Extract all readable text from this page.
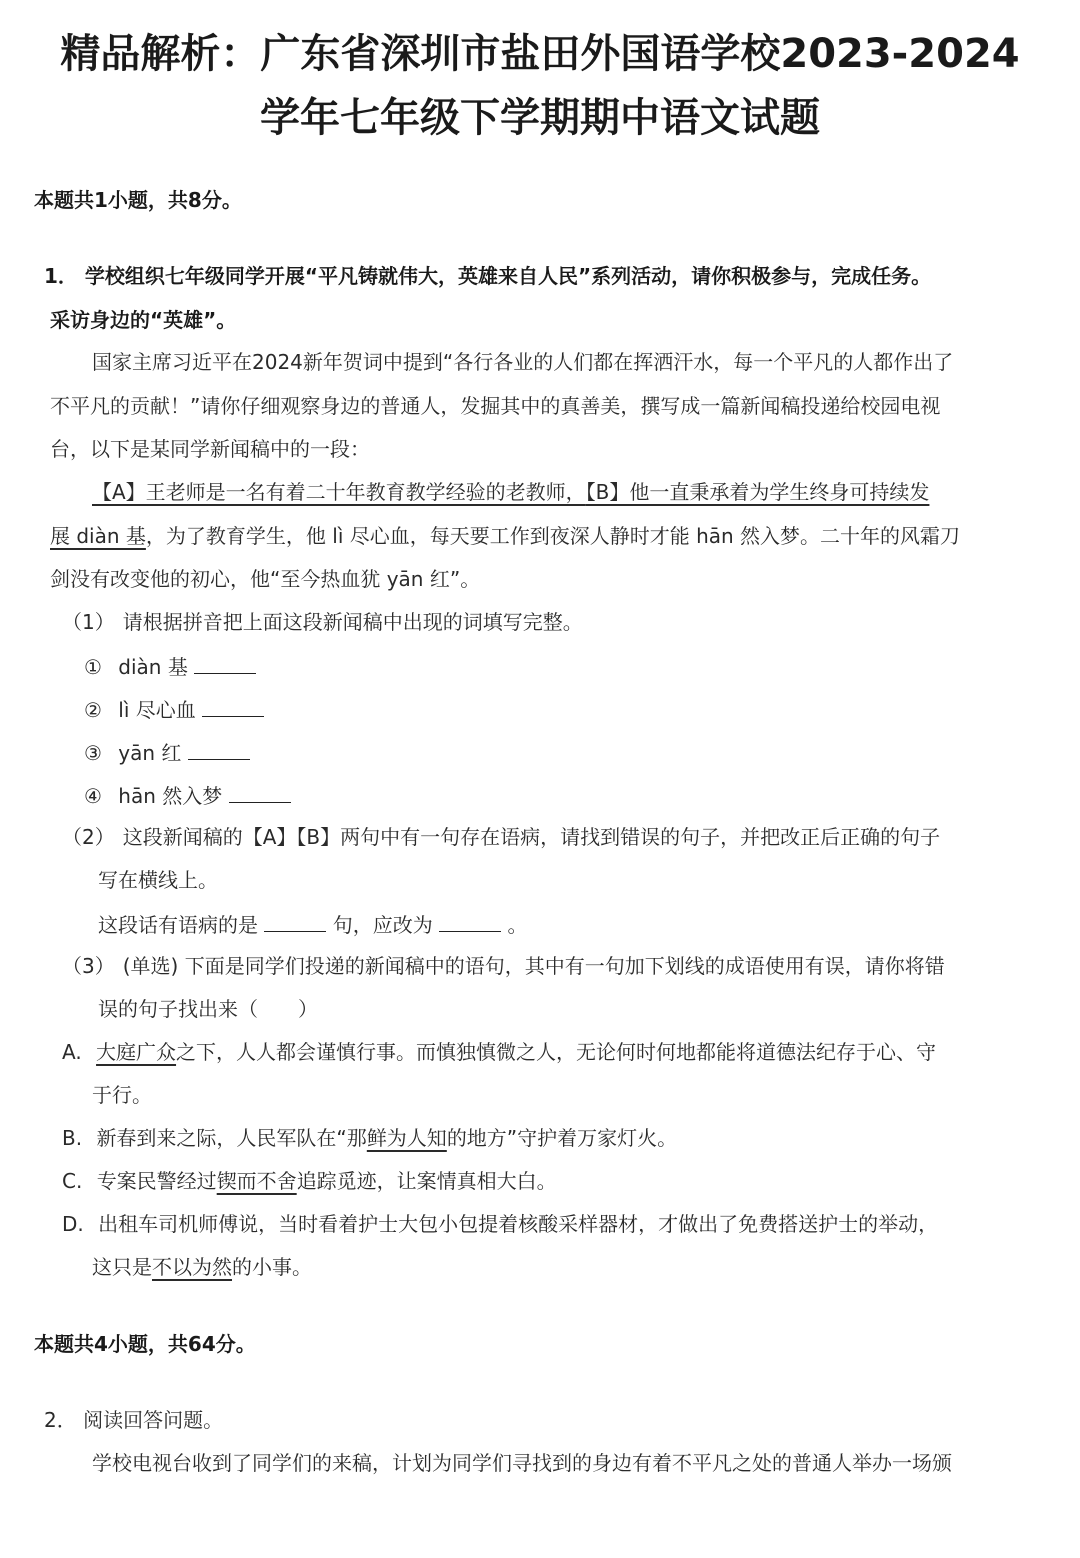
精品解析：广东省深圳市盐田外国语学校2023-2024
学年七年级下学期期中语文试题
本题共1小题，共8分。
1． 学校组织七年级同学开展“平凡铸就伟大，英雄来自人民”系列活动，请你积极参与，完成任务。
采访身边的“英雄”。
国家主席习近平在2024新年贺词中提到“各行各业的人们都在挥洒汗水，每一个平凡的人都作出了
不平凡的贡献！”请你仔细观察身边的普通人，发掘其中的真善美，撰写成一篇新闻稿投递给校园电视
台，以下是某同学新闻稿中的一段：
【A】王老师是一名有着二十年教育教学经验的老教师，【B】他一直秉承着为学生终身可持续发
展 diàn 基，为了教育学生，他 lì 尽心血，每天要工作到夜深人静时才能 hān 然入梦。二十年的风霜刀
剑没有改变他的初心，他“至今热血犹 yān 红”。
（1） 请根据拼音把上面这段新闻稿中出现的词填写完整。
① diàn 基
② lì 尽心血
③ yān 红
④ hān 然入梦
（2） 这段新闻稿的【A】【B】两句中有一句存在语病，请找到错误的句子，并把改正后正确的句子
写在横线上。
这段话有语病的是	句，应改为	。
（3） (单选) 下面是同学们投递的新闻稿中的语句，其中有一句加下划线的成语使用有误，请你将错
误的句子找出来（　　）
A. 大庭广众之下，人人都会谨慎行事。而慎独慎微之人，无论何时何地都能将道德法纪存于心、守
于行。
B. 新春到来之际，人民军队在“那鲜为人知的地方”守护着万家灯火。
C. 专案民警经过锲而不舍追踪觅迹，让案情真相大白。
D. 出租车司机师傅说，当时看着护士大包小包提着核酸采样器材，才做出了免费搭送护士的举动，
这只是不以为然的小事。
本题共4小题，共64分。
2． 阅读回答问题。
学校电视台收到了同学们的来稿，计划为同学们寻找到的身边有着不平凡之处的普通人举办一场颁
